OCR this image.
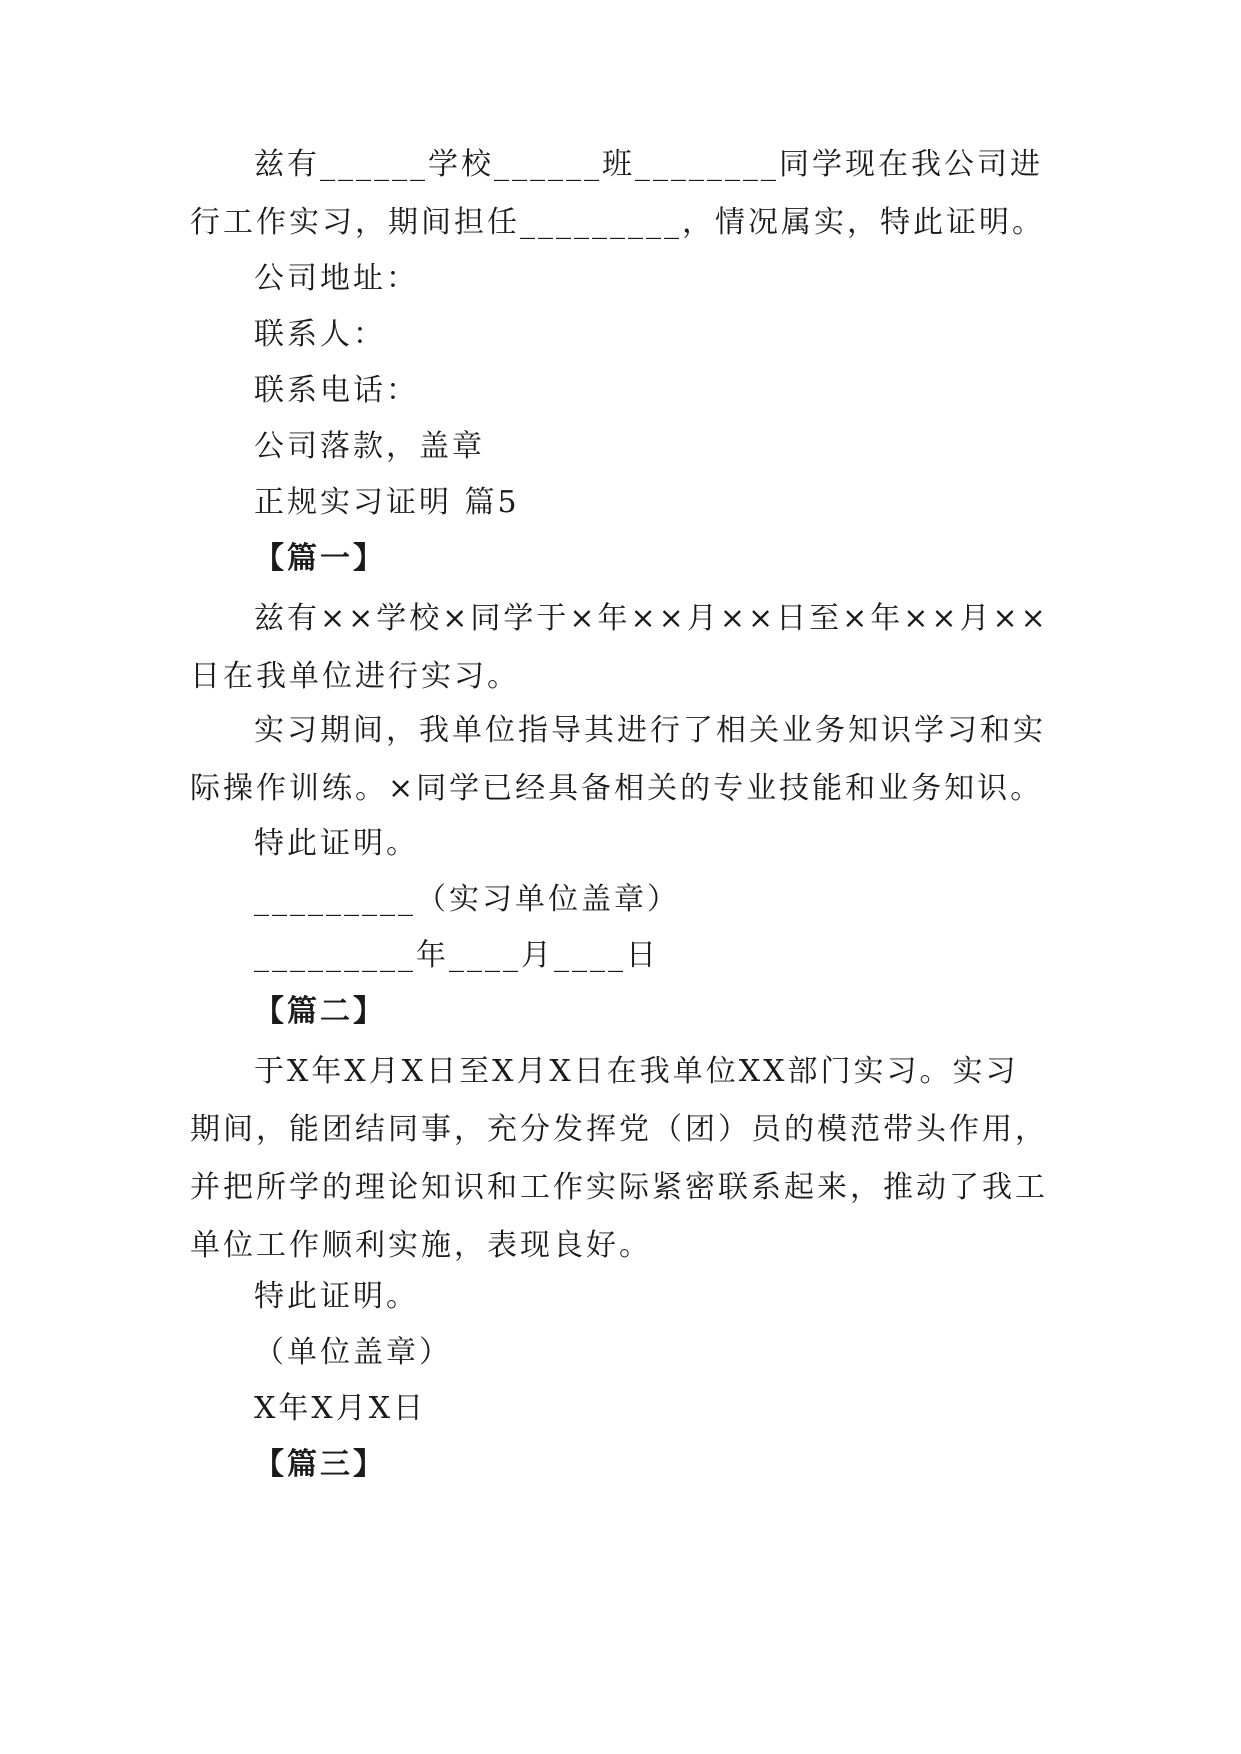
兹有______学校______班________同学现在我公司进行工作实习，期间担任_________，情况属实，特此证明。

公司地址：

联系人：

联系电话：

公司落款，盖章

正规实习证明 篇5

【篇一】

兹有××学校×同学于×年××月××日至×年××月××日在我单位进行实习。

实习期间，我单位指导其进行了相关业务知识学习和实际操作训练。×同学已经具备相关的专业技能和业务知识。

特此证明。

_________（实习单位盖章）

_________年____月____日

【篇二】

于X年X月X日至X月X日在我单位XX部门实习。实习期间，能团结同事，充分发挥党（团）员的模范带头作用，并把所学的理论知识和工作实际紧密联系起来，推动了我工单位工作顺利实施，表现良好。

特此证明。

（单位盖章）

X年X月X日

【篇三】
